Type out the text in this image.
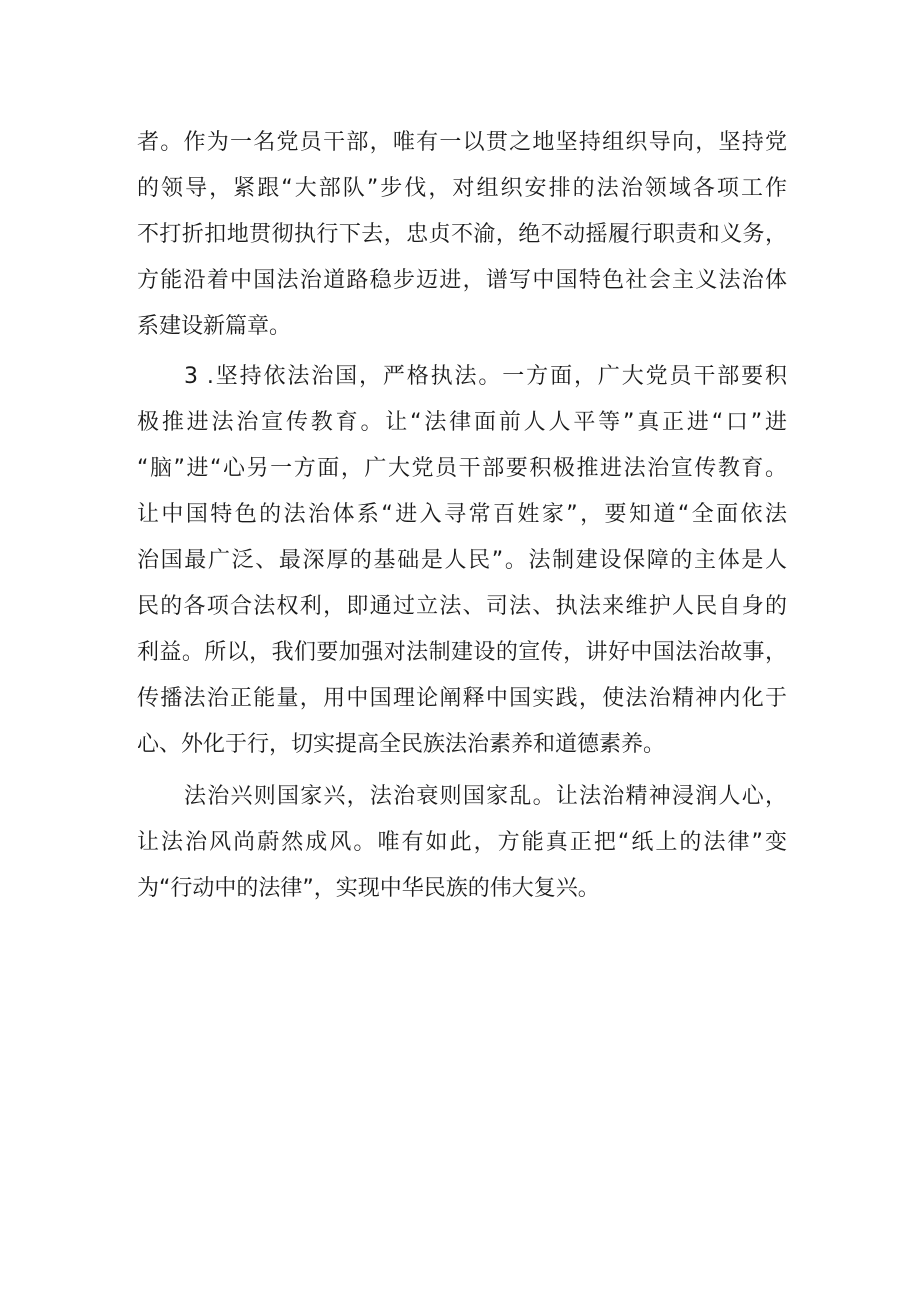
者。作为一名党员干部，唯有一以贯之地坚持组织导向，坚持党
的领导，紧跟“大部队”步伐，对组织安排的法治领域各项工作
不打折扣地贯彻执行下去，忠贞不渝，绝不动摇履行职责和义务，
方能沿着中国法治道路稳步迈进，谱写中国特色社会主义法治体
系建设新篇章。
3 .坚持依法治国，严格执法。一方面，广大党员干部要积
极推进法治宣传教育。让“法律面前人人平等”真正进“口”进
“脑”进“心另一方面，广大党员干部要积极推进法治宣传教育。
让中国特色的法治体系“进入寻常百姓家”，要知道“全面依法
治国最广泛、最深厚的基础是人民”。法制建设保障的主体是人
民的各项合法权利，即通过立法、司法、执法来维护人民自身的
利益。所以，我们要加强对法制建设的宣传，讲好中国法治故事，
传播法治正能量，用中国理论阐释中国实践，使法治精神内化于
心、外化于行，切实提高全民族法治素养和道德素养。
法治兴则国家兴，法治衰则国家乱。让法治精神浸润人心，
让法治风尚蔚然成风。唯有如此，方能真正把“纸上的法律”变
为“行动中的法律”，实现中华民族的伟大复兴。
